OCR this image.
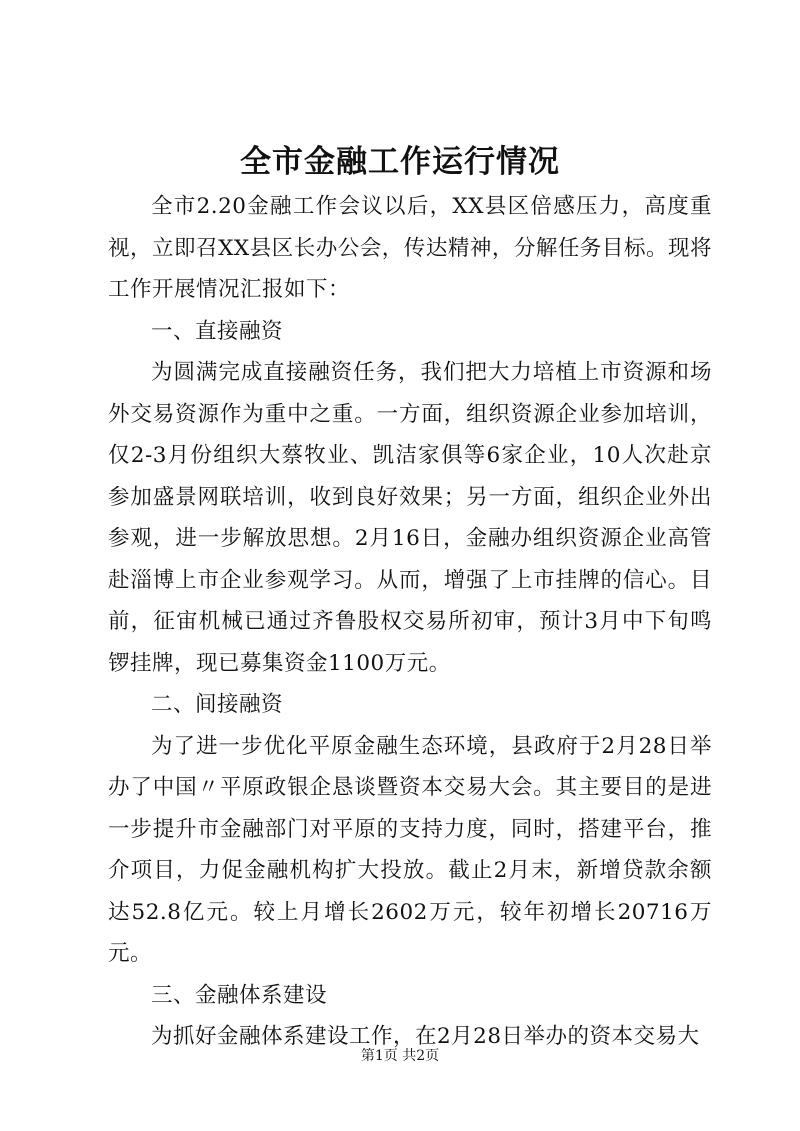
全市金融工作运行情况

全市2.20金融工作会议以后，XX县区倍感压力，高度重视，立即召XX县区长办公会，传达精神，分解任务目标。现将工作开展情况汇报如下：

一、直接融资

为圆满完成直接融资任务，我们把大力培植上市资源和场外交易资源作为重中之重。一方面，组织资源企业参加培训，仅2-3月份组织大蔡牧业、凯洁家俱等6家企业，10人次赴京参加盛景网联培训，收到良好效果；另一方面，组织企业外出参观，进一步解放思想。2月16日，金融办组织资源企业高管赴淄博上市企业参观学习。从而，增强了上市挂牌的信心。目前，征宙机械已通过齐鲁股权交易所初审，预计3月中下旬鸣锣挂牌，现已募集资金1100万元。

二、间接融资

为了进一步优化平原金融生态环境，县政府于2月28日举办了中国〃平原政银企恳谈暨资本交易大会。其主要目的是进一步提升市金融部门对平原的支持力度，同时，搭建平台，推介项目，力促金融机构扩大投放。截止2月末，新增贷款余额达52.8亿元。较上月增长2602万元，较年初增长20716万元。

三、金融体系建设

为抓好金融体系建设工作，在2月28日举办的资本交易大

第1页 共2页
